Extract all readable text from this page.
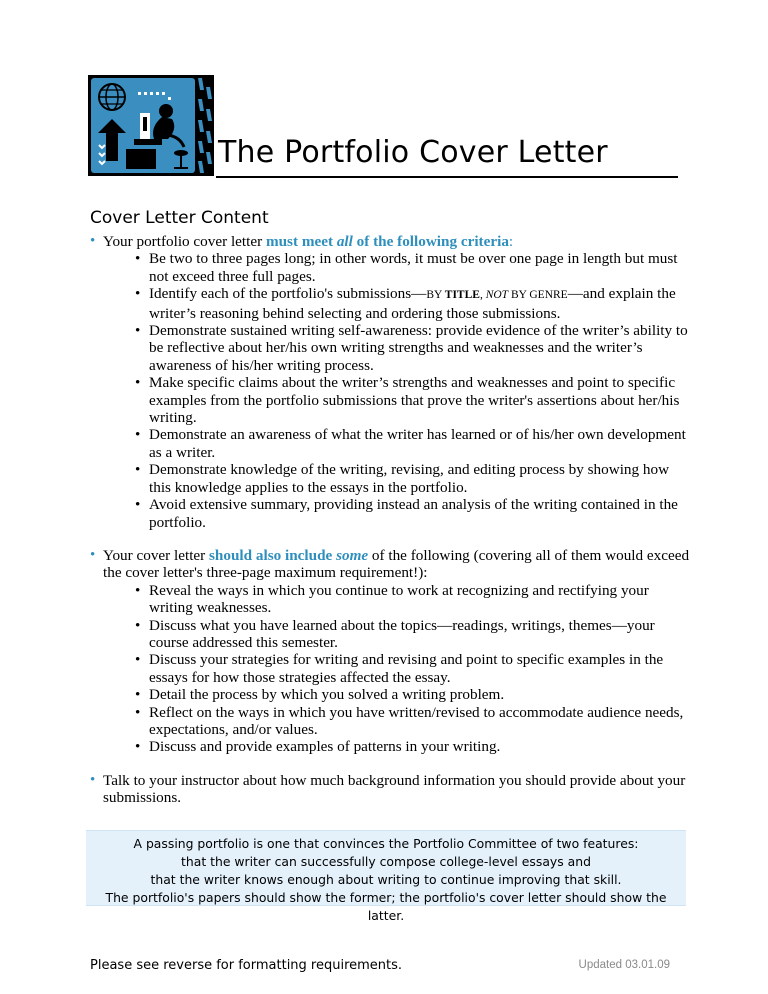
The Portfolio Cover Letter
Cover Letter Content
• Your portfolio cover letter must meet all of the following criteria:
• Be two to three pages long; in other words, it must be over one page in length but must not exceed three full pages.
• Identify each of the portfolio's submissions—BY TITLE, NOT BY GENRE—and explain the writer’s reasoning behind selecting and ordering those submissions.
• Demonstrate sustained writing self-awareness: provide evidence of the writer’s ability to be reflective about her/his own writing strengths and weaknesses and the writer’s awareness of his/her writing process.
• Make specific claims about the writer’s strengths and weaknesses and point to specific examples from the portfolio submissions that prove the writer's assertions about her/his writing.
• Demonstrate an awareness of what the writer has learned or of his/her own development as a writer.
• Demonstrate knowledge of the writing, revising, and editing process by showing how this knowledge applies to the essays in the portfolio.
• Avoid extensive summary, providing instead an analysis of the writing contained in the portfolio.
• Your cover letter should also include some of the following (covering all of them would exceed the cover letter's three-page maximum requirement!):
• Reveal the ways in which you continue to work at recognizing and rectifying your writing weaknesses.
• Discuss what you have learned about the topics—readings, writings, themes—your course addressed this semester.
• Discuss your strategies for writing and revising and point to specific examples in the essays for how those strategies affected the essay.
• Detail the process by which you solved a writing problem.
• Reflect on the ways in which you have written/revised to accommodate audience needs, expectations, and/or values.
• Discuss and provide examples of patterns in your writing.
• Talk to your instructor about how much background information you should provide about your submissions.
A passing portfolio is one that convinces the Portfolio Committee of two features:
that the writer can successfully compose college-level essays and
that the writer knows enough about writing to continue improving that skill.
The portfolio's papers should show the former; the portfolio's cover letter should show the latter.
Please see reverse for formatting requirements.	Updated 03.01.09
